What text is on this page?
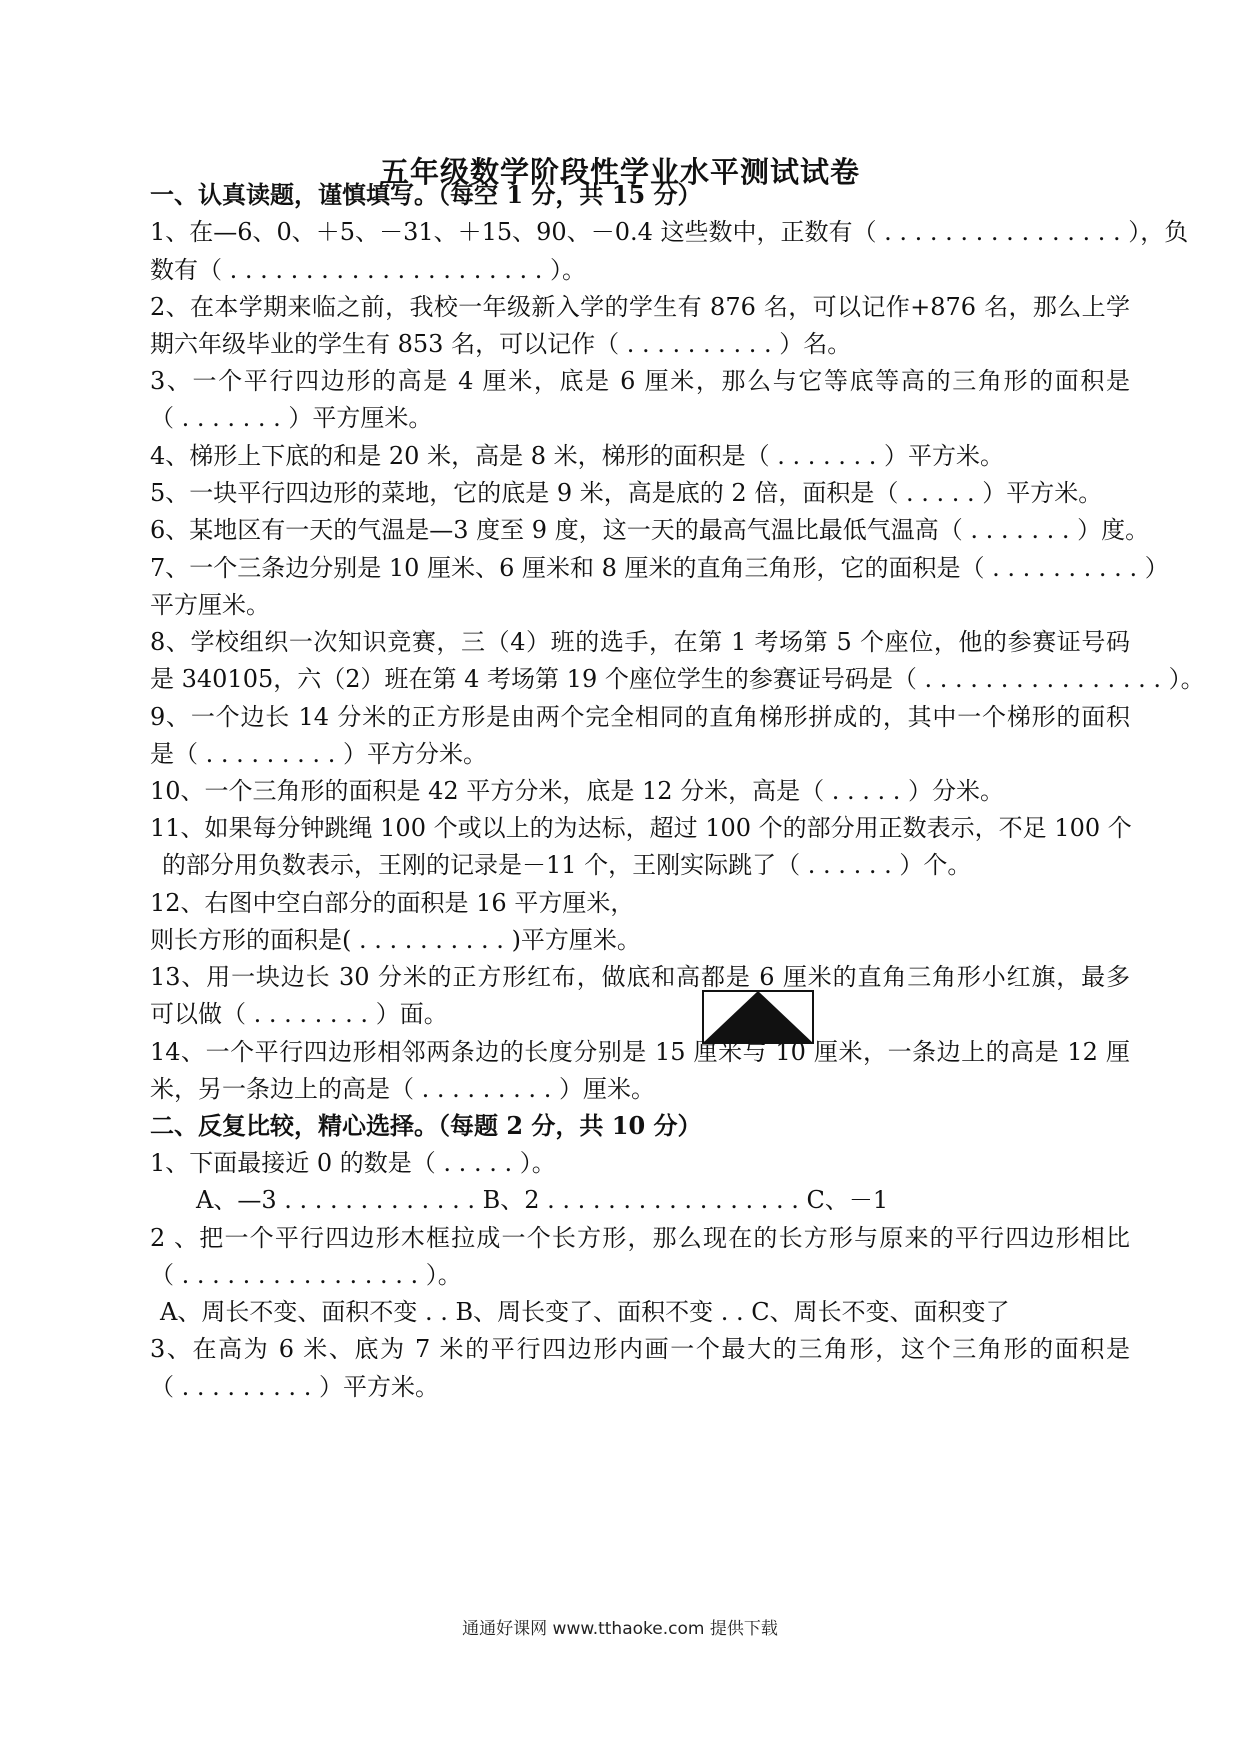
五年级数学阶段性学业水平测试试卷
一、认真读题，谨慎填写。（每空 1 分，共 15 分）
1、在—6、0、＋5、－31、＋15、90、－0.4 这些数中，正数有（ . . . . . . . . . . . . . . . . ），负
数有（ . . . . . . . . . . . . . . . . . . . . . ）。
2、在本学期来临之前，我校一年级新入学的学生有 876 名，可以记作+876 名，那么上学
期六年级毕业的学生有 853 名，可以记作（ . . . . . . . . . . ）名。
3、一个平行四边形的高是 4 厘米，底是 6 厘米，那么与它等底等高的三角形的面积是
（ . . . . . . . ）平方厘米。
4、梯形上下底的和是 20 米，高是 8 米，梯形的面积是（ . . . . . . . ）平方米。
5、一块平行四边形的菜地，它的底是 9 米，高是底的 2 倍，面积是（ . . . . . ）平方米。
6、某地区有一天的气温是—3 度至 9 度，这一天的最高气温比最低气温高（ . . . . . . . ）度。
7、一个三条边分别是 10 厘米、6 厘米和 8 厘米的直角三角形，它的面积是（ . . . . . . . . . . ）
平方厘米。
8、学校组织一次知识竞赛，三（4）班的选手，在第 1 考场第 5 个座位，他的参赛证号码
是 340105，六（2）班在第 4 考场第 19 个座位学生的参赛证号码是（ . . . . . . . . . . . . . . . . ）。
9、一个边长 14 分米的正方形是由两个完全相同的直角梯形拼成的，其中一个梯形的面积
是（ . . . . . . . . . ）平方分米。
10、一个三角形的面积是 42 平方分米，底是 12 分米，高是（ . . . . . ）分米。
11、如果每分钟跳绳 100 个或以上的为达标，超过 100 个的部分用正数表示，不足 100 个
的部分用负数表示，王刚的记录是－11 个，王刚实际跳了（ . . . . . . ）个。
12、右图中空白部分的面积是 16 平方厘米，
则长方形的面积是( . . . . . . . . . . )平方厘米。
13、用一块边长 30 分米的正方形红布，做底和高都是 6 厘米的直角三角形小红旗，最多
可以做（ . . . . . . . . ）面。
14、一个平行四边形相邻两条边的长度分别是 15 厘米与 10 厘米，一条边上的高是 12 厘
米，另一条边上的高是（ . . . . . . . . . ）厘米。
二、反复比较，精心选择。（每题 2 分，共 10 分）
1、下面最接近 0 的数是（ . . . . . ）。
A、—3 . . . . . . . . . . . . . B、2 . . . . . . . . . . . . . . . . . C、－1
2 、把一个平行四边形木框拉成一个长方形，那么现在的长方形与原来的平行四边形相比
（ . . . . . . . . . . . . . . . . ）。
A、周长不变、面积不变 . . B、周长变了、面积不变 . . C、周长不变、面积变了
3、在高为 6 米、底为 7 米的平行四边形内画一个最大的三角形，这个三角形的面积是
（ . . . . . . . . . ）平方米。
通通好课网 www.tthaoke.com 提供下载
